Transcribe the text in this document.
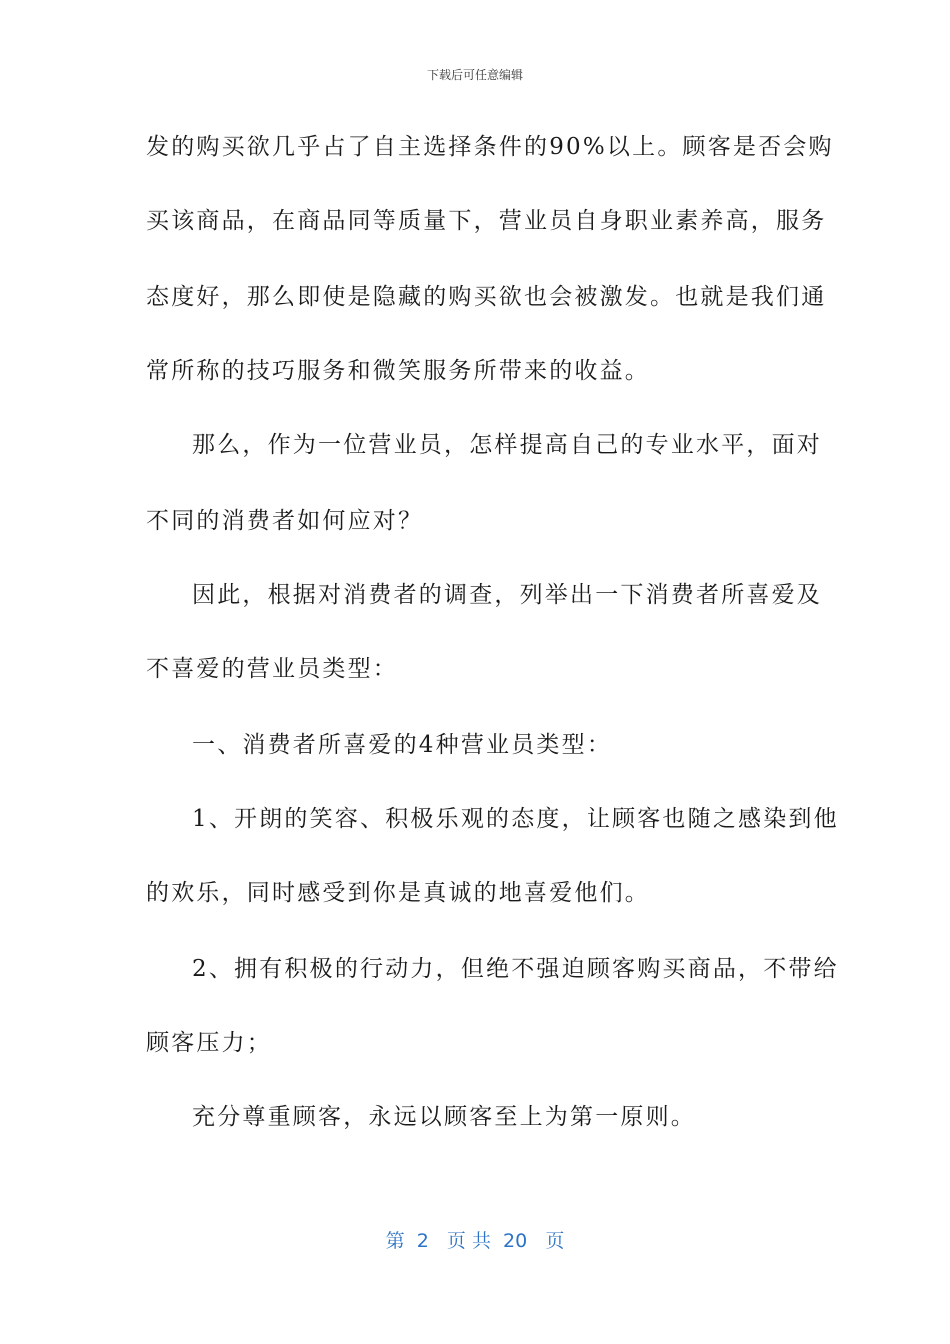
下载后可任意编辑
发的购买欲几乎占了自主选择条件的90%以上。顾客是否会购
买该商品，在商品同等质量下，营业员自身职业素养高，服务
态度好，那么即使是隐藏的购买欲也会被激发。也就是我们通
常所称的技巧服务和微笑服务所带来的收益。
那么，作为一位营业员，怎样提高自己的专业水平，面对
不同的消费者如何应对？
因此，根据对消费者的调查，列举出一下消费者所喜爱及
不喜爱的营业员类型：
一、消费者所喜爱的4种营业员类型：
1、开朗的笑容、积极乐观的态度，让顾客也随之感染到他
的欢乐，同时感受到你是真诚的地喜爱他们。
2、拥有积极的行动力，但绝不强迫顾客购买商品，不带给
顾客压力；
充分尊重顾客，永远以顾客至上为第一原则。
第  2   页 共  20   页
